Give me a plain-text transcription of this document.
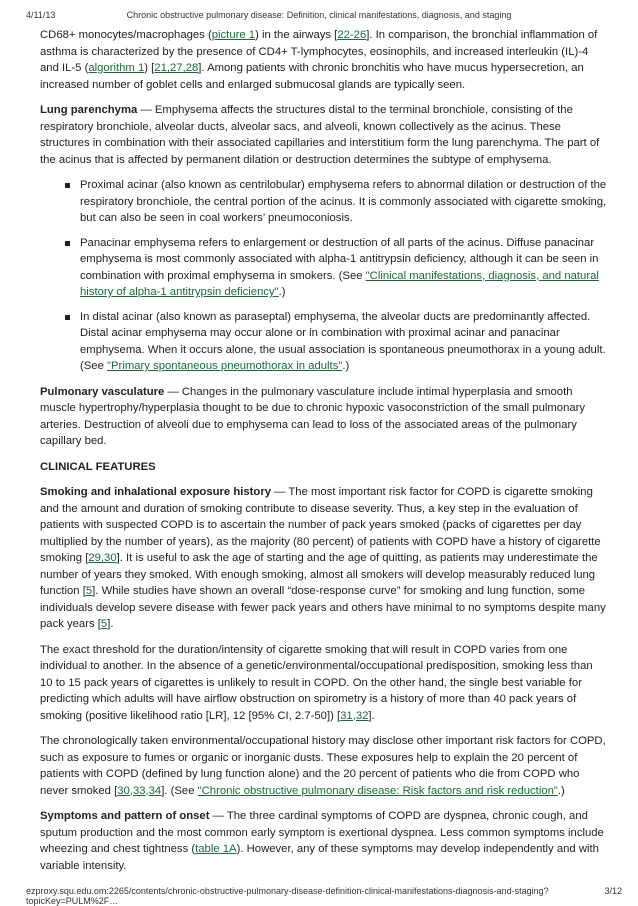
4/11/13	Chronic obstructive pulmonary disease: Definition, clinical manifestations, diagnosis, and staging

CD68+ monocytes/macrophages (picture 1) in the airways [22-26]. In comparison, the bronchial inflammation of asthma is characterized by the presence of CD4+ T-lymphocytes, eosinophils, and increased interleukin (IL)-4 and IL-5 (algorithm 1) [21,27,28]. Among patients with chronic bronchitis who have mucus hypersecretion, an increased number of goblet cells and enlarged submucosal glands are typically seen.

Lung parenchyma — Emphysema affects the structures distal to the terminal bronchiole, consisting of the respiratory bronchiole, alveolar ducts, alveolar sacs, and alveoli, known collectively as the acinus. These structures in combination with their associated capillaries and interstitium form the lung parenchyma. The part of the acinus that is affected by permanent dilation or destruction determines the subtype of emphysema.

Proximal acinar (also known as centrilobular) emphysema refers to abnormal dilation or destruction of the respiratory bronchiole, the central portion of the acinus. It is commonly associated with cigarette smoking, but can also be seen in coal workers’ pneumoconiosis.
Panacinar emphysema refers to enlargement or destruction of all parts of the acinus. Diffuse panacinar emphysema is most commonly associated with alpha-1 antitrypsin deficiency, although it can be seen in combination with proximal emphysema in smokers. (See "Clinical manifestations, diagnosis, and natural history of alpha-1 antitrypsin deficiency".)
In distal acinar (also known as paraseptal) emphysema, the alveolar ducts are predominantly affected. Distal acinar emphysema may occur alone or in combination with proximal acinar and panacinar emphysema. When it occurs alone, the usual association is spontaneous pneumothorax in a young adult. (See "Primary spontaneous pneumothorax in adults".)

Pulmonary vasculature — Changes in the pulmonary vasculature include intimal hyperplasia and smooth muscle hypertrophy/hyperplasia thought to be due to chronic hypoxic vasoconstriction of the small pulmonary arteries. Destruction of alveoli due to emphysema can lead to loss of the associated areas of the pulmonary capillary bed.

CLINICAL FEATURES

Smoking and inhalational exposure history — The most important risk factor for COPD is cigarette smoking and the amount and duration of smoking contribute to disease severity. Thus, a key step in the evaluation of patients with suspected COPD is to ascertain the number of pack years smoked (packs of cigarettes per day multiplied by the number of years), as the majority (80 percent) of patients with COPD have a history of cigarette smoking [29,30]. It is useful to ask the age of starting and the age of quitting, as patients may underestimate the number of years they smoked. With enough smoking, almost all smokers will develop measurably reduced lung function [5]. While studies have shown an overall “dose-response curve” for smoking and lung function, some individuals develop severe disease with fewer pack years and others have minimal to no symptoms despite many pack years [5].

The exact threshold for the duration/intensity of cigarette smoking that will result in COPD varies from one individual to another. In the absence of a genetic/environmental/occupational predisposition, smoking less than 10 to 15 pack years of cigarettes is unlikely to result in COPD. On the other hand, the single best variable for predicting which adults will have airflow obstruction on spirometry is a history of more than 40 pack years of smoking (positive likelihood ratio [LR], 12 [95% CI, 2.7-50]) [31,32].

The chronologically taken environmental/occupational history may disclose other important risk factors for COPD, such as exposure to fumes or organic or inorganic dusts. These exposures help to explain the 20 percent of patients with COPD (defined by lung function alone) and the 20 percent of patients who die from COPD who never smoked [30,33,34]. (See "Chronic obstructive pulmonary disease: Risk factors and risk reduction".)

Symptoms and pattern of onset — The three cardinal symptoms of COPD are dyspnea, chronic cough, and sputum production and the most common early symptom is exertional dyspnea. Less common symptoms include wheezing and chest tightness (table 1A). However, any of these symptoms may develop independently and with variable intensity.

ezproxy.squ.edu.om:2265/contents/chronic-obstructive-pulmonary-disease-definition-clinical-manifestations-diagnosis-and-staging?topicKey=PULM%2F…
3/12
